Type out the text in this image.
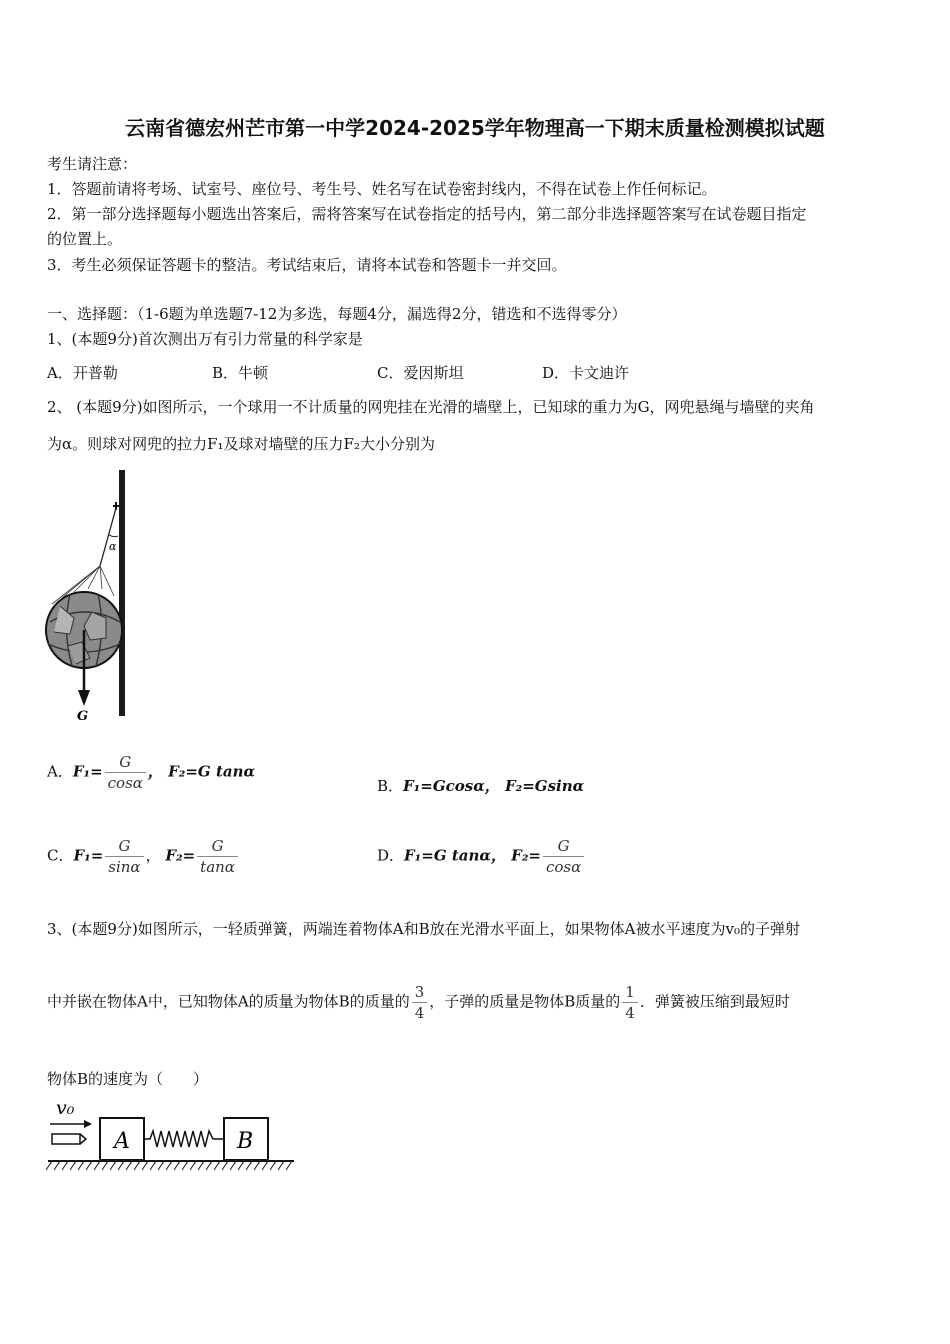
云南省德宏州芒市第一中学2024-2025学年物理高一下期末质量检测模拟试题
考生请注意：
1．答题前请将考场、试室号、座位号、考生号、姓名写在试卷密封线内，不得在试卷上作任何标记。
2．第一部分选择题每小题选出答案后，需将答案写在试卷指定的括号内，第二部分非选择题答案写在试卷题目指定
的位置上。
3．考生必须保证答题卡的整洁。考试结束后，请将本试卷和答题卡一并交回。
一、选择题：（1-6题为单选题7-12为多选，每题4分，漏选得2分，错选和不选得零分）
1、(本题9分)首次测出万有引力常量的科学家是
A．开普勒	B．牛顿	C．爱因斯坦	D．卡文迪许
2、 (本题9分)如图所示，一个球用一不计质量的网兜挂在光滑的墙壁上，已知球的重力为G，网兜悬绳与墙壁的夹角
为α。则球对网兜的拉力F₁及球对墙壁的压力F₂大小分别为
α
G
A．$F_1= \frac{G}{\cos\alpha}$ ， F₂=G tanα
B．F₁=Gcosα， F₂=Gsinα
C．$F_1= \frac{G}{\sin\alpha}$ ， $F_2= \frac{G}{\tan\alpha}$	D．F₁=G tanα， $F_2= \frac{G}{\cos\alpha}$
3、(本题9分)如图所示，一轻质弹簧，两端连着物体A和B放在光滑水平面上，如果物体A被水平速度为v₀的子弹射
中并嵌在物体A中，已知物体A的质量为物体B的质量的 $\frac{3}{4}$ ，子弹的质量是物体B质量的 $\frac{1}{4}$ ．弹簧被压缩到最短时
物体B的速度为（　　）
v₀
A	B
